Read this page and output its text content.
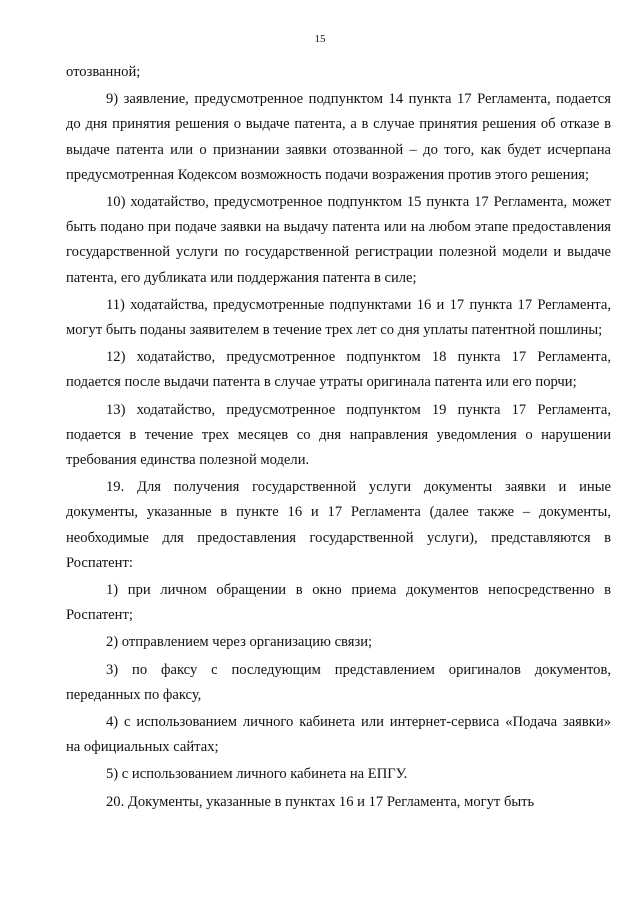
15

отозванной;

9) заявление, предусмотренное подпунктом 14 пункта 17 Регламента, подается до дня принятия решения о выдаче патента, а в случае принятия решения об отказе в выдаче патента или о признании заявки отозванной – до того, как будет исчерпана предусмотренная Кодексом возможность подачи возражения против этого решения;

10) ходатайство, предусмотренное подпунктом 15 пункта 17 Регламента, может быть подано при подаче заявки на выдачу патента или на любом этапе предоставления государственной услуги по государственной регистрации полезной модели и выдаче патента, его дубликата или поддержания патента в силе;

11) ходатайства, предусмотренные подпунктами 16 и 17 пункта 17 Регламента, могут быть поданы заявителем в течение трех лет со дня уплаты патентной пошлины;

12) ходатайство, предусмотренное подпунктом 18 пункта 17 Регламента, подается после выдачи патента в случае утраты оригинала патента или его порчи;

13) ходатайство, предусмотренное подпунктом 19 пункта 17 Регламента, подается в течение трех месяцев со дня направления уведомления о нарушении требования единства полезной модели.

19. Для получения государственной услуги документы заявки и иные документы, указанные в пункте 16 и 17 Регламента (далее также – документы, необходимые для предоставления государственной услуги), представляются в Роспатент:

1) при личном обращении в окно приема документов непосредственно в Роспатент;

2) отправлением через организацию связи;

3) по факсу с последующим представлением оригиналов документов, переданных по факсу,

4) с использованием личного кабинета или интернет-сервиса «Подача заявки» на официальных сайтах;

5) с использованием личного кабинета на ЕПГУ.

20. Документы, указанные в пунктах 16 и 17 Регламента, могут быть
